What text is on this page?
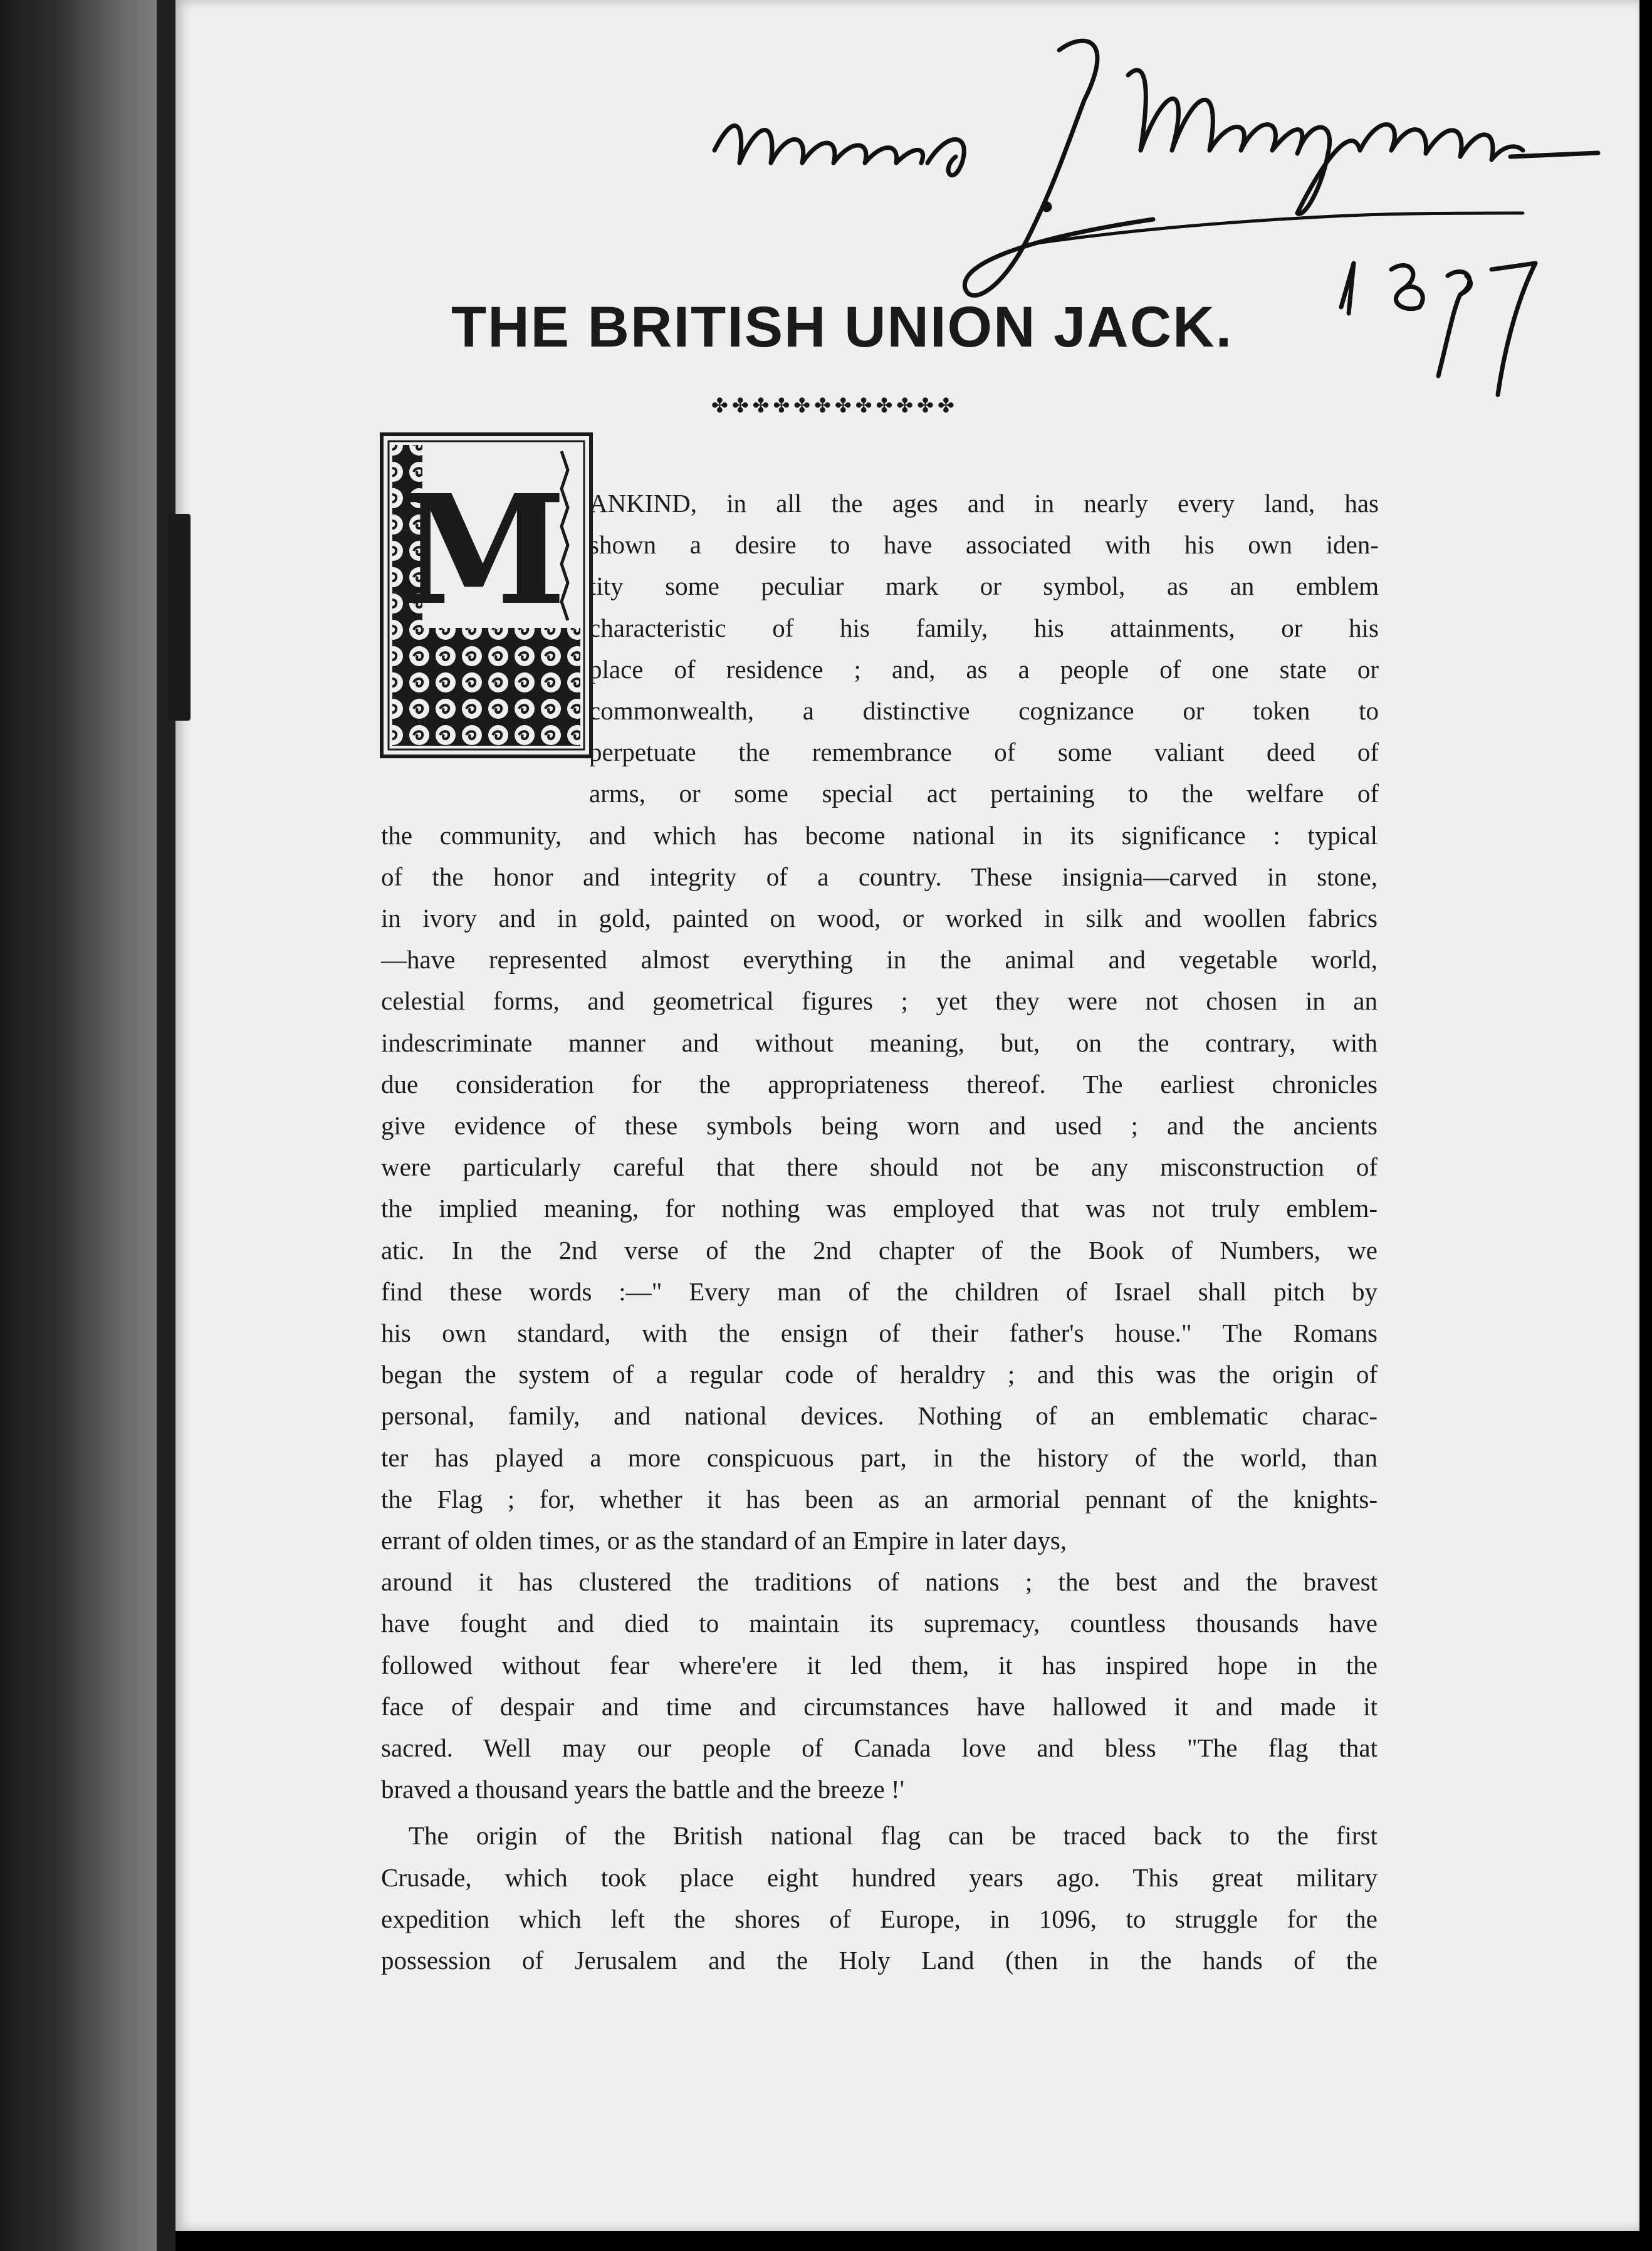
THE BRITISH UNION JACK.
✤✤✤✤✤✤✤✤✤✤✤✤
M ANKIND, in all the ages and in nearly every land, has
shown a desire to have associated with his own iden-
tity some peculiar mark or symbol, as an emblem
characteristic of his family, his attainments, or his
place of residence ; and, as a people of one state or
commonwealth, a distinctive cognizance or token to
perpetuate the remembrance of some valiant deed of
arms, or some special act pertaining to the welfare of
the community, and which has become national in its significance : typical
of the honor and integrity of a country. These insignia—carved in stone,
in ivory and in gold, painted on wood, or worked in silk and woollen fabrics
—have represented almost everything in the animal and vegetable world,
celestial forms, and geometrical figures ; yet they were not chosen in an
indescriminate manner and without meaning, but, on the contrary, with
due consideration for the appropriateness thereof. The earliest chronicles
give evidence of these symbols being worn and used ; and the ancients
were particularly careful that there should not be any misconstruction of
the implied meaning, for nothing was employed that was not truly emblem-
atic. In the 2nd verse of the 2nd chapter of the Book of Numbers, we
find these words :—" Every man of the children of Israel shall pitch by
his own standard, with the ensign of their father's house." The Romans
began the system of a regular code of heraldry ; and this was the origin of
personal, family, and national devices. Nothing of an emblematic charac-
ter has played a more conspicuous part, in the history of the world, than
the Flag ; for, whether it has been as an armorial pennant of the knights-
errant of olden times, or as the standard of an Empire in later days,
around it has clustered the traditions of nations ; the best and the bravest
have fought and died to maintain its supremacy, countless thousands have
followed without fear where'ere it led them, it has inspired hope in the
face of despair and time and circumstances have hallowed it and made it
sacred. Well may our people of Canada love and bless "The flag that
braved a thousand years the battle and the breeze !'
The origin of the British national flag can be traced back to the first
Crusade, which took place eight hundred years ago. This great military
expedition which left the shores of Europe, in 1096, to struggle for the
possession of Jerusalem and the Holy Land (then in the hands of the
